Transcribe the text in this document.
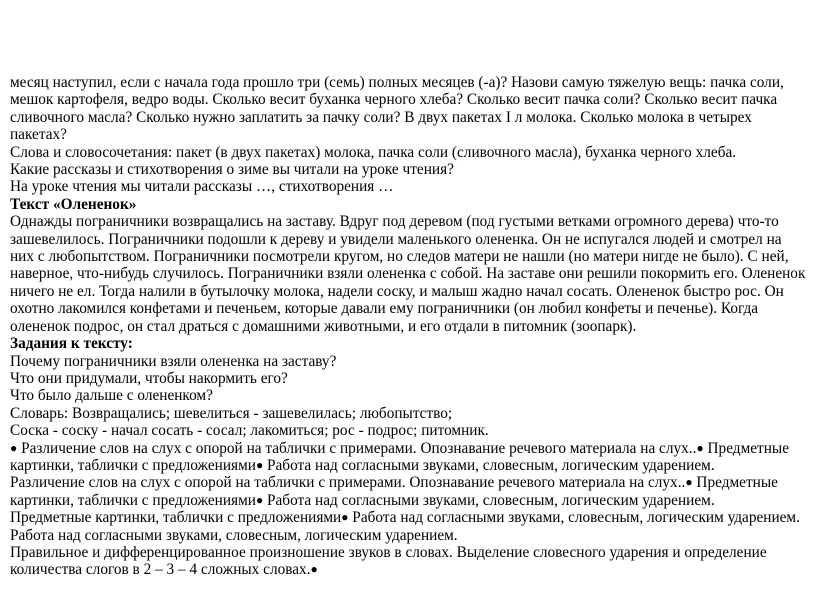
месяц наступил, если с начала года прошло три (семь) полных месяцев (-а)? Назови самую тяжелую вещь: пачка соли, мешок картофеля, ведро воды. Сколько весит буханка черного хлеба? Сколько весит пачка соли? Сколько весит пачка сливочного масла? Сколько нужно заплатить за пачку соли? В двух пакетах I л молока. Сколько молока в четырех пакетах?

Слова и словосочетания: пакет (в двух пакетах) молока, пачка соли (сливочного масла), буханка черного хлеба.

Какие рассказы и стихотворения о зиме вы читали на уроке чтения?

На уроке чтения мы читали рассказы …, стихотворения …

Текст «Олененок»

Однажды пограничники возвращались на заставу. Вдруг под деревом (под густыми ветками огромного дерева) что-то зашевелилось. Пограничники подошли к дереву и увидели маленького олененка. Он не испугался людей и смотрел на них с любопытством. Пограничники посмотрели кругом, но следов матери не нашли (но матери нигде не было). С ней, наверное, что-нибудь случилось. Пограничники взяли олененка с собой. На заставе они решили покормить его. Олененок ничего не ел. Тогда налили в бутылочку молока, надели соску, и малыш жадно начал сосать. Олененок быстро рос. Он охотно лакомился конфетами и печеньем, которые давали ему пограничники (он любил конфеты и печенье). Когда олененок подрос, он стал драться с домашними животными, и его отдали в питомник (зоопарк).

Задания к тексту:

Почему пограничники взяли олененка на заставу?

Что они придумали, чтобы накормить его?

Что было дальше с олененком?

Словарь: Возвращались; шевелиться - зашевелилась; любопытство;

Соска - соску - начал сосать - сосал; лакомиться; рос - подрос; питомник.

● Различение слов на слух с опорой на таблички с примерами. Опознавание речевого материала на слух..● Предметные картинки, таблички с предложениями● Работа над согласными звуками, словесным, логическим ударением.

Различение слов на слух с опорой на таблички с примерами. Опознавание речевого материала на слух..● Предметные картинки, таблички с предложениями● Работа над согласными звуками, словесным, логическим ударением.

Предметные картинки, таблички с предложениями● Работа над согласными звуками, словесным, логическим ударением.

Работа над согласными звуками, словесным, логическим ударением.

Правильное и дифференцированное произношение звуков в словах. Выделение словесного ударения и определение количества слогов в 2 – 3 – 4 сложных словах.●
